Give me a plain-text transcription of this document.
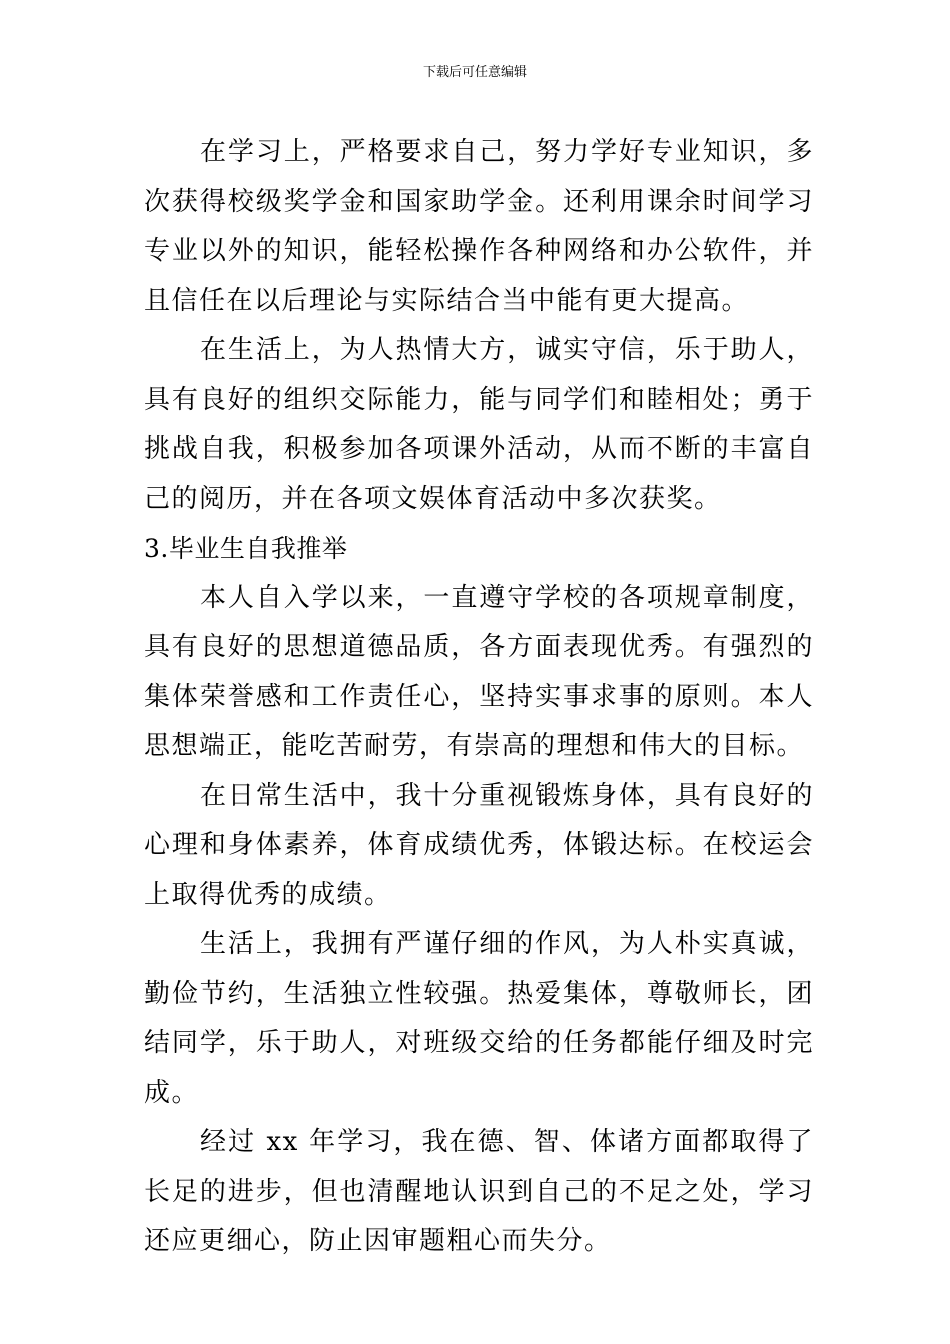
下载后可任意编辑

在学习上，严格要求自己，努力学好专业知识，多次获得校级奖学金和国家助学金。还利用课余时间学习专业以外的知识，能轻松操作各种网络和办公软件，并且信任在以后理论与实际结合当中能有更大提高。

在生活上，为人热情大方，诚实守信，乐于助人，具有良好的组织交际能力，能与同学们和睦相处；勇于挑战自我，积极参加各项课外活动，从而不断的丰富自己的阅历，并在各项文娱体育活动中多次获奖。

3.毕业生自我推举

本人自入学以来，一直遵守学校的各项规章制度，具有良好的思想道德品质，各方面表现优秀。有强烈的集体荣誉感和工作责任心，坚持实事求事的原则。本人思想端正，能吃苦耐劳，有崇高的理想和伟大的目标。

在日常生活中，我十分重视锻炼身体，具有良好的心理和身体素养，体育成绩优秀，体锻达标。在校运会上取得优秀的成绩。

生活上，我拥有严谨仔细的作风，为人朴实真诚，勤俭节约，生活独立性较强。热爱集体，尊敬师长，团结同学，乐于助人，对班级交给的任务都能仔细及时完成。

经过 xx 年学习，我在德、智、体诸方面都取得了长足的进步，但也清醒地认识到自己的不足之处，学习还应更细心，防止因审题粗心而失分。
